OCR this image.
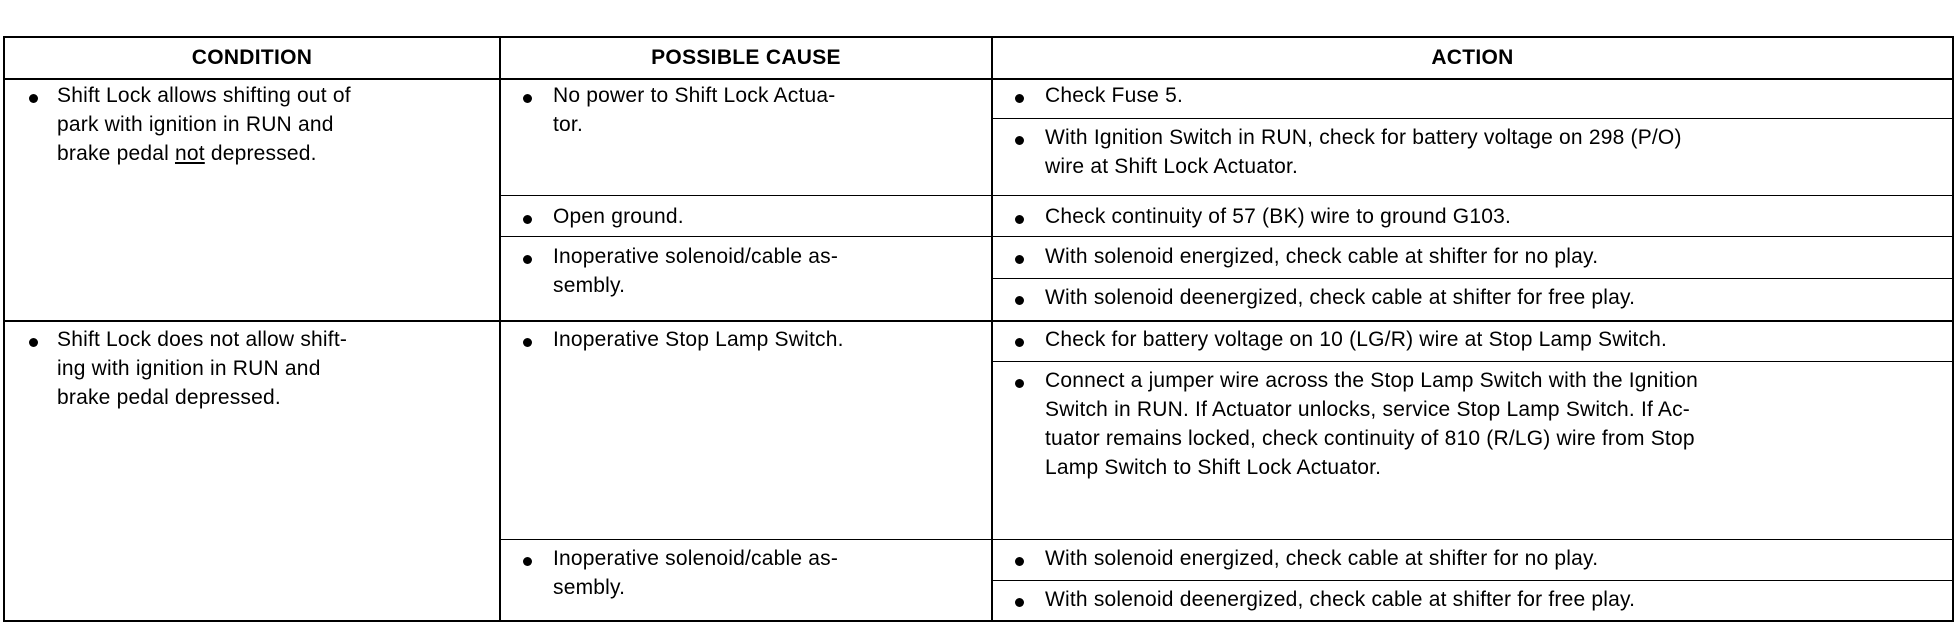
CONDITION	POSSIBLE CAUSE	ACTION
Shift Lock allows shifting out of
park with ignition in RUN and
brake pedal not depressed.
No power to Shift Lock Actua-
tor.
Open ground.
Inoperative solenoid/cable as-
sembly.
Check Fuse 5.
With Ignition Switch in RUN, check for battery voltage on 298 (P/O)
wire at Shift Lock Actuator.
Check continuity of 57 (BK) wire to ground G103.
With solenoid energized, check cable at shifter for no play.
With solenoid deenergized, check cable at shifter for free play.
Shift Lock does not allow shift-
ing with ignition in RUN and
brake pedal depressed.
Inoperative Stop Lamp Switch.
Inoperative solenoid/cable as-
sembly.
Check for battery voltage on 10 (LG/R) wire at Stop Lamp Switch.
Connect a jumper wire across the Stop Lamp Switch with the Ignition
Switch in RUN. If Actuator unlocks, service Stop Lamp Switch. If Ac-
tuator remains locked, check continuity of 810 (R/LG) wire from Stop
Lamp Switch to Shift Lock Actuator.
With solenoid energized, check cable at shifter for no play.
With solenoid deenergized, check cable at shifter for free play.
